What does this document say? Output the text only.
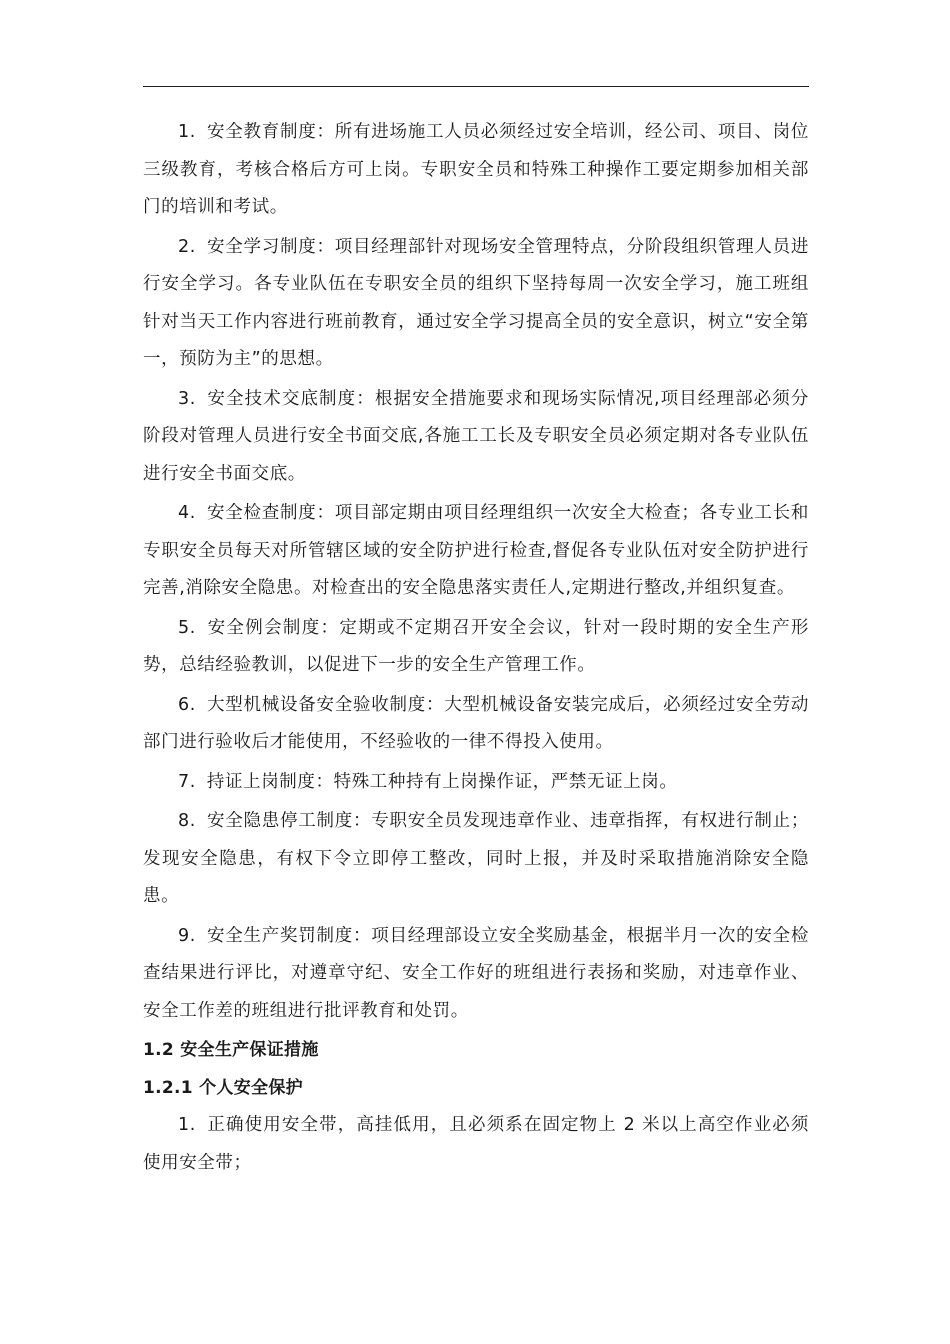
1. 安全教育制度：所有进场施工人员必须经过安全培训，经公司、项目、岗位三级教育，考核合格后方可上岗。专职安全员和特殊工种操作工要定期参加相关部门的培训和考试。

2. 安全学习制度：项目经理部针对现场安全管理特点，分阶段组织管理人员进行安全学习。各专业队伍在专职安全员的组织下坚持每周一次安全学习，施工班组针对当天工作内容进行班前教育，通过安全学习提高全员的安全意识，树立“安全第一，预防为主”的思想。

3. 安全技术交底制度：根据安全措施要求和现场实际情况,项目经理部必须分阶段对管理人员进行安全书面交底,各施工工长及专职安全员必须定期对各专业队伍进行安全书面交底。

4. 安全检查制度：项目部定期由项目经理组织一次安全大检查；各专业工长和专职安全员每天对所管辖区域的安全防护进行检查,督促各专业队伍对安全防护进行完善,消除安全隐患。对检查出的安全隐患落实责任人,定期进行整改,并组织复查。

5. 安全例会制度：定期或不定期召开安全会议，针对一段时期的安全生产形势，总结经验教训，以促进下一步的安全生产管理工作。

6. 大型机械设备安全验收制度：大型机械设备安装完成后，必须经过安全劳动部门进行验收后才能使用，不经验收的一律不得投入使用。

7. 持证上岗制度：特殊工种持有上岗操作证，严禁无证上岗。

8. 安全隐患停工制度：专职安全员发现违章作业、违章指挥，有权进行制止；发现安全隐患，有权下令立即停工整改，同时上报，并及时采取措施消除安全隐患。

9. 安全生产奖罚制度：项目经理部设立安全奖励基金，根据半月一次的安全检查结果进行评比，对遵章守纪、安全工作好的班组进行表扬和奖励，对违章作业、安全工作差的班组进行批评教育和处罚。

1.2 安全生产保证措施
1.2.1 个人安全保护

1. 正确使用安全带，高挂低用，且必须系在固定物上 2 米以上高空作业必须使用安全带；
